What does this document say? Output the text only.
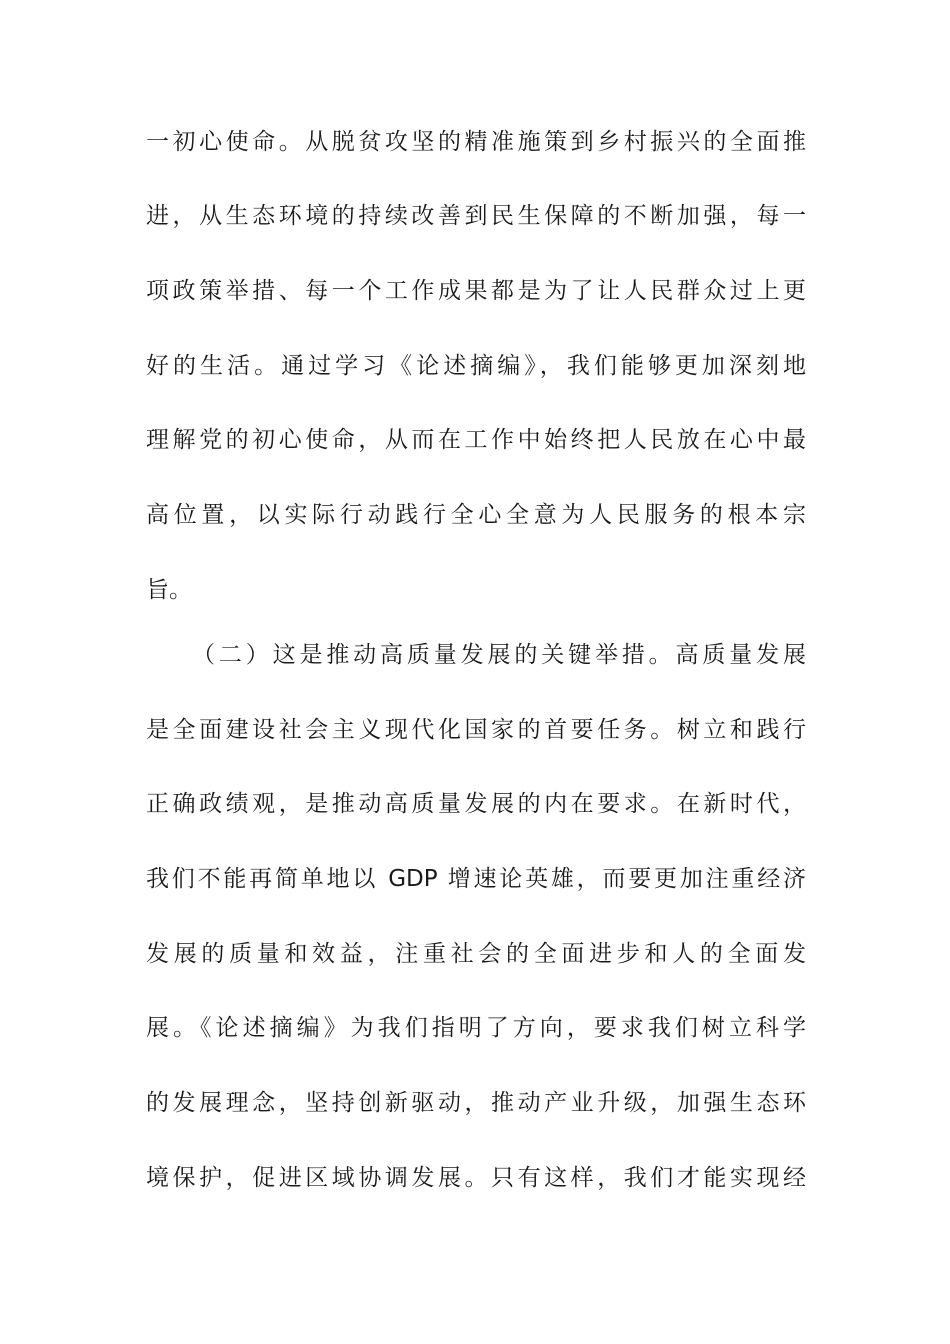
一初心使命。从脱贫攻坚的精准施策到乡村振兴的全面推
进，从生态环境的持续改善到民生保障的不断加强，每一
项政策举措、每一个工作成果都是为了让人民群众过上更
好的生活。通过学习《论述摘编》，我们能够更加深刻地
理解党的初心使命，从而在工作中始终把人民放在心中最
高位置，以实际行动践行全心全意为人民服务的根本宗
旨。
（二）这是推动高质量发展的关键举措。高质量发展
是全面建设社会主义现代化国家的首要任务。树立和践行
正确政绩观，是推动高质量发展的内在要求。在新时代，
我们不能再简单地以 GDP 增速论英雄，而要更加注重经济
发展的质量和效益，注重社会的全面进步和人的全面发
展。《论述摘编》为我们指明了方向，要求我们树立科学
的发展理念，坚持创新驱动，推动产业升级，加强生态环
境保护，促进区域协调发展。只有这样，我们才能实现经
